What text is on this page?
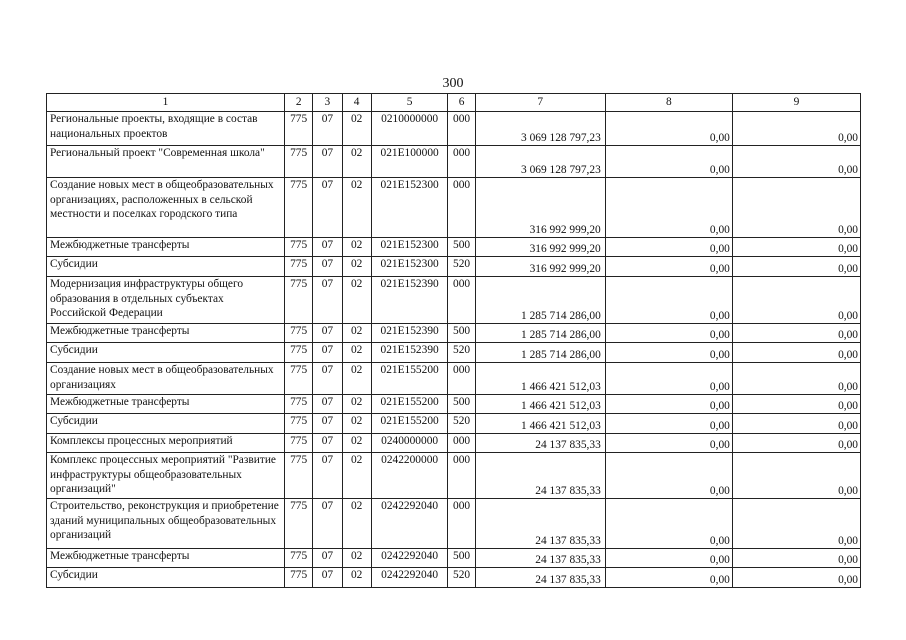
300
1	2	3	4	5	6	7	8	9
Региональные проекты, входящие в состав национальных проектов	775	07	02	0210000000	000	3 069 128 797,23	0,00	0,00
Региональный проект "Современная школа"	775	07	02	021E100000	000	3 069 128 797,23	0,00	0,00
Создание новых мест в общеобразовательных организациях, расположенных в сельской местности и поселках городского типа	775	07	02	021E152300	000	316 992 999,20	0,00	0,00
Межбюджетные трансферты	775	07	02	021E152300	500	316 992 999,20	0,00	0,00
Субсидии	775	07	02	021E152300	520	316 992 999,20	0,00	0,00
Модернизация инфраструктуры общего образования в отдельных субъектах Российской Федерации	775	07	02	021E152390	000	1 285 714 286,00	0,00	0,00
Межбюджетные трансферты	775	07	02	021E152390	500	1 285 714 286,00	0,00	0,00
Субсидии	775	07	02	021E152390	520	1 285 714 286,00	0,00	0,00
Создание новых мест в общеобразовательных организациях	775	07	02	021E155200	000	1 466 421 512,03	0,00	0,00
Межбюджетные трансферты	775	07	02	021E155200	500	1 466 421 512,03	0,00	0,00
Субсидии	775	07	02	021E155200	520	1 466 421 512,03	0,00	0,00
Комплексы процессных мероприятий	775	07	02	0240000000	000	24 137 835,33	0,00	0,00
Комплекс процессных мероприятий "Развитие инфраструктуры общеобразовательных организаций"	775	07	02	0242200000	000	24 137 835,33	0,00	0,00
Строительство, реконструкция и приобретение зданий муниципальных общеобразовательных организаций	775	07	02	0242292040	000	24 137 835,33	0,00	0,00
Межбюджетные трансферты	775	07	02	0242292040	500	24 137 835,33	0,00	0,00
Субсидии	775	07	02	0242292040	520	24 137 835,33	0,00	0,00
